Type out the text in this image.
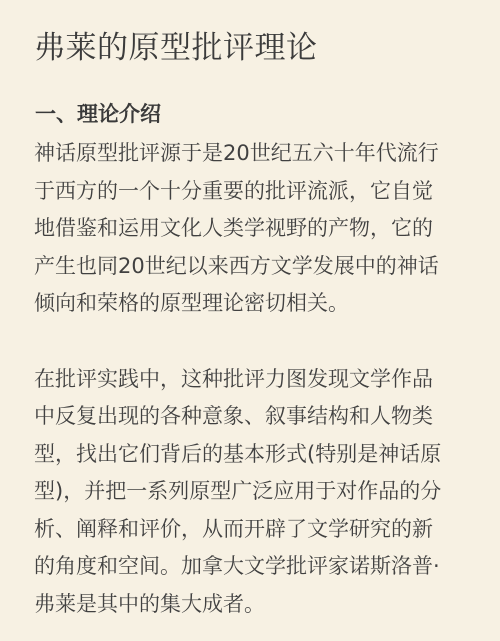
弗莱的原型批评理论
一、理论介绍

神话原型批评源于是20世纪五六十年代流行
于西方的一个十分重要的批评流派，它自觉
地借鉴和运用文化人类学视野的产物，它的
产生也同20世纪以来西方文学发展中的神话
倾向和荣格的原型理论密切相关。

在批评实践中，这种批评力图发现文学作品
中反复出现的各种意象、叙事结构和人物类
型，找出它们背后的基本形式(特别是神话原
型)，并把一系列原型广泛应用于对作品的分
析、阐释和评价，从而开辟了文学研究的新
的角度和空间。加拿大文学批评家诺斯洛普·
弗莱是其中的集大成者。
